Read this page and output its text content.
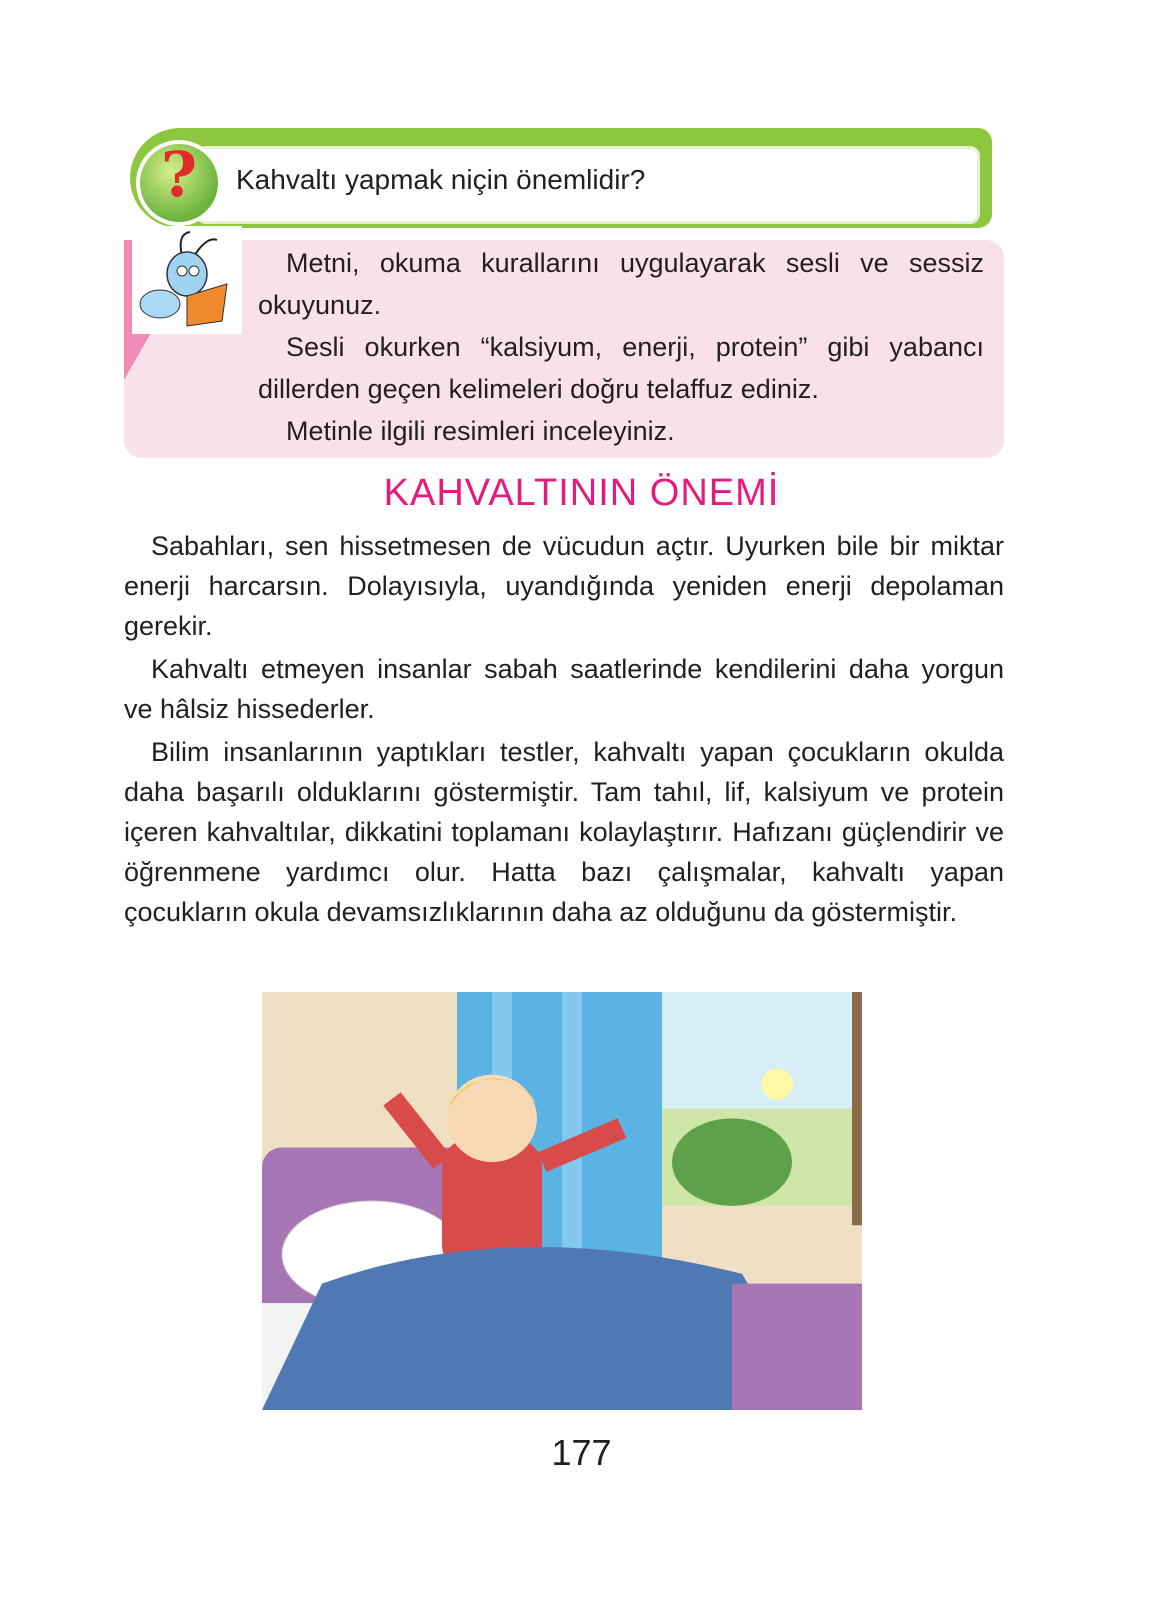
?	Kahvaltı yapmak niçin önemlidir?

Metni, okuma kurallarını uygulayarak sesli ve sessiz okuyunuz.

Sesli okurken “kalsiyum, enerji, protein” gibi yabancı dillerden geçen kelimeleri doğru telaffuz ediniz.

Metinle ilgili resimleri inceleyiniz.

KAHVALTININ ÖNEMİ

Sabahları, sen hissetmesen de vücudun açtır. Uyurken bile bir miktar enerji harcarsın. Dolayısıyla, uyandığında yeniden enerji depolaman gerekir.

Kahvaltı etmeyen insanlar sabah saatlerinde kendilerini daha yorgun ve hâlsiz hissederler.

Bilim insanlarının yaptıkları testler, kahvaltı yapan çocukların okulda daha başarılı olduklarını göstermiştir. Tam tahıl, lif, kalsiyum ve protein içeren kahvaltılar, dikkatini toplamanı kolaylaştırır. Hafızanı güçlendirir ve öğrenmene yardımcı olur. Hatta bazı çalışmalar, kahvaltı yapan çocukların okula devamsızlıklarının daha az olduğunu da göstermiştir.

177
